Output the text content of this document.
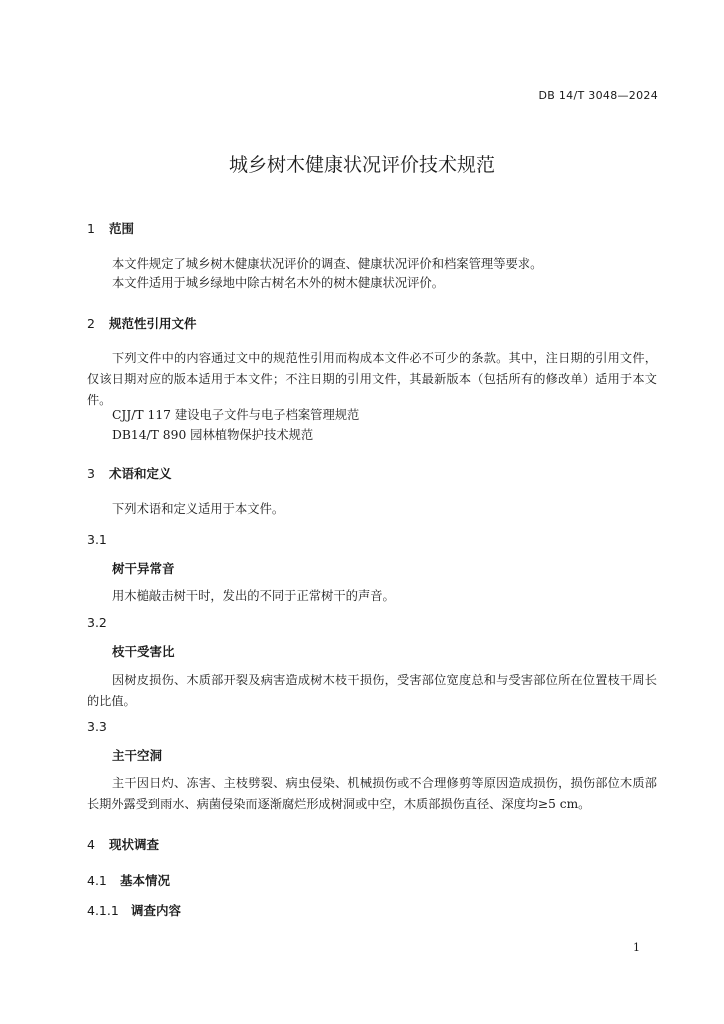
DB 14/T 3048—2024
城乡树木健康状况评价技术规范
1 范围
本文件规定了城乡树木健康状况评价的调查、健康状况评价和档案管理等要求。
本文件适用于城乡绿地中除古树名木外的树木健康状况评价。
2 规范性引用文件
下列文件中的内容通过文中的规范性引用而构成本文件必不可少的条款。其中，注日期的引用文件，仅该日期对应的版本适用于本文件；不注日期的引用文件，其最新版本（包括所有的修改单）适用于本文件。
CJJ/T 117 建设电子文件与电子档案管理规范
DB14/T 890 园林植物保护技术规范
3 术语和定义
下列术语和定义适用于本文件。
3.1
树干异常音
用木槌敲击树干时，发出的不同于正常树干的声音。
3.2
枝干受害比
因树皮损伤、木质部开裂及病害造成树木枝干损伤，受害部位宽度总和与受害部位所在位置枝干周长的比值。
3.3
主干空洞
主干因日灼、冻害、主枝劈裂、病虫侵染、机械损伤或不合理修剪等原因造成损伤，损伤部位木质部长期外露受到雨水、病菌侵染而逐渐腐烂形成树洞或中空，木质部损伤直径、深度均≥5 cm。
4 现状调查
4.1 基本情况
4.1.1 调查内容
1
